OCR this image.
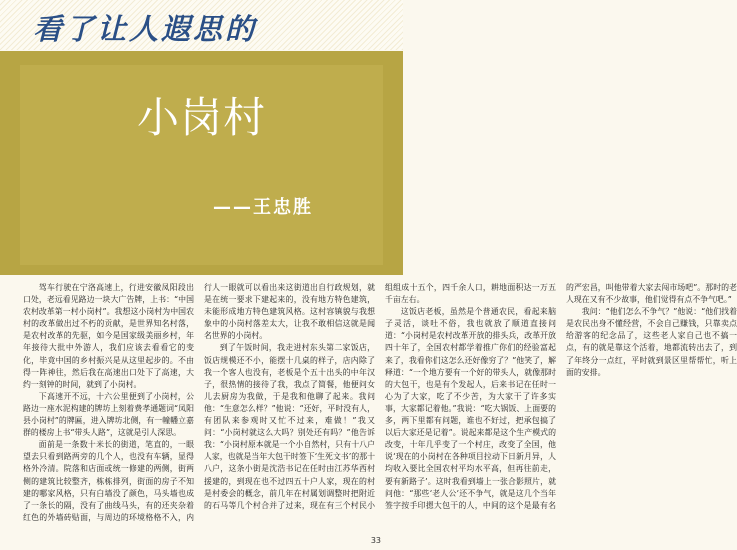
看了让人遐思的
小岗村
——王忠胜

驾车行驶在宁洛高速上，行进安徽凤阳段出口处，老远看见路边一块大广告牌，上书：“中国农村改革第一村小岗村”。我想这小岗村为中国农村的改革做出过不朽的贡献，是世界知名村落，是农村改革的先驱，如今是国家级美丽乡村，年年接待大批中外游人，我们应该去看看它的变化，毕竟中国的乡村振兴是从这里起步的。不由得一阵神往，然后我在高速出口处下了高速，大约一刻钟的时间，就到了小岗村。

下高速开不远，十六公里便到了小岗村，公路边一座水泥构建的牌坊上刻着费孝通题词“凤阳县小岗村”的牌匾，进入牌坊北侧，有一幢幡立嘉群的楼房上书“带头人路”，这就是引人深思。

面前是一条数十米长的街道，笔直的，一眼望去只看到路两旁的几个人，也没有车辆，显得格外冷清。院落和店面或统一修建的两侧，街两侧的建筑比较整齐，栋栋排列，街面的房子不知建的哪家风格，只有白墙没了颜色，马头墙也成了一条长的隔，没有了曲线马头，有的还夹杂着红色的外墙砖贴面，与周边的环境格格不入，内行人一眼就可以看出来这街道出自行政规划，就是在统一要求下建起来的，没有地方特色建筑，未能形成地方特色建筑风格。这村容镇貌与我想象中的小岗村落差太大，让我不敢相信这就是闻名世界的小岗村。

到了午饭时间，我走进村东头第二家饭店，饭店规模还不小，能摆十几桌的样子，店内除了我一个客人也没有，老板是个五十出头的中年汉子，很热情的接待了我，我点了简餐，他便问女儿去厨房为我做，于是我和他聊了起来。我问他：“生意怎么样？”他说：“还好，平时没有人，有团队来参观时又忙不过来，难做！”我又问：“小岗村就这么大吗？别处还有吗？”他告诉我：“小岗村原本就是一个小自然村，只有十八户人家，也就是当年大包干时签下‘生死文书’的那十八户，这条小街是沈浩书记在任时由江苏华西村援建的，到现在也不过四五十户人家，现在的村是村委会的概念，前几年在村属划调整时把附近的石马等几个村合并了过来，现在有三个村民小组组成十五个，四千余人口，耕地面积达一万五千亩左右。

这饭店老板，虽然是个普通农民，看起来脑子灵活，谈吐不俗，我也就放了顺道直接问道：“小岗村是农村改革开放的排头兵，改革开放四十年了，全国农村都学着推广你们的经验富起来了，我看你们这怎么还好像穷了？”他笑了，解释道：“一个地方要有一个好的带头人，就像那时的大包干，也是有个发起人，后来书记在任时一心为了大家，吃了不少苦，为大家干了许多实事，大家都记着他。”我说：“吃大锅饭、上面要的多，两下里都有问题，谁也不好过，把承包搞了以后大家还是记着”。说起来都是这个生产模式的改变，十年几乎变了一个村庄，改变了全国，他说‘现在的小岗村在各种项目拉动下日新月异，人均收入要比全国农村平均水平高，但再往前走，要有新路子’。这时我看到墙上一张合影照片，就问他：“那些‘老人公’还不争气，就是这几个当年签字按手印摁大包干的人，中间的这个是最有名的严宏昌，叫他带着大家去闯市场吧”。那时的老人现在又有不少故事，他们觉得有点不争气吧。”

我问：“他们怎么不争气？”他说：“他们找着是农民出身不懂经营，不会自己赚钱，只靠卖点给游客的纪念品了，这些老人家自己也不搞一点，有的就是靠这个活着，地都流转出去了，到了年终分一点红，平时就到景区里帮帮忙，听上面的安排。

33
